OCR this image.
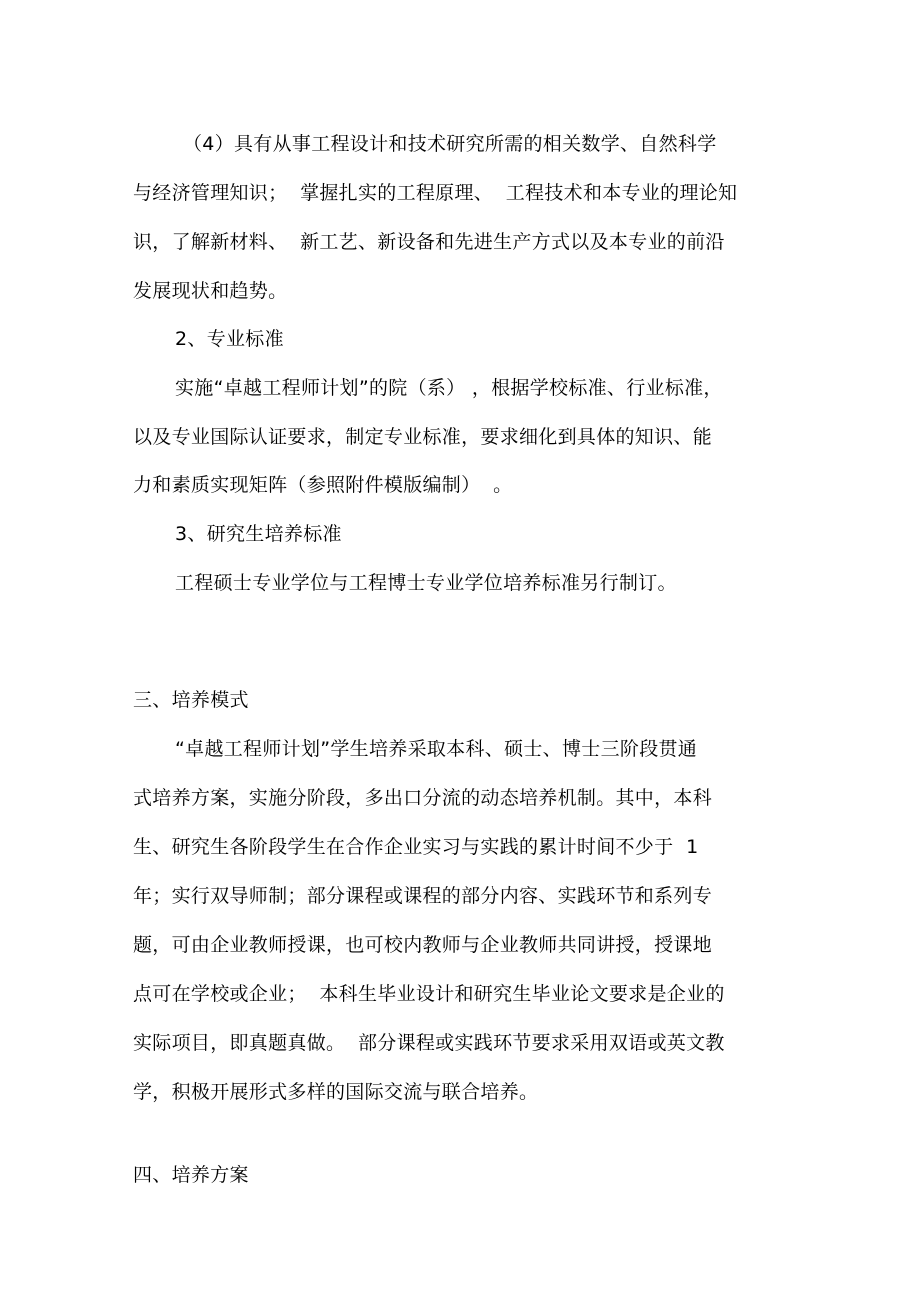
（4）具有从事工程设计和技术研究所需的相关数学、自然科学
与经济管理知识；  掌握扎实的工程原理、  工程技术和本专业的理论知
识，了解新材料、  新工艺、新设备和先进生产方式以及本专业的前沿
发展现状和趋势。
2、专业标准
实施“卓越工程师计划”的院（系） ，根据学校标准、行业标准，
以及专业国际认证要求，制定专业标准，要求细化到具体的知识、能
力和素质实现矩阵（参照附件模版编制）  。
3、研究生培养标准
工程硕士专业学位与工程博士专业学位培养标准另行制订。
三、培养模式
“卓越工程师计划”学生培养采取本科、硕士、博士三阶段贯通
式培养方案，实施分阶段，多出口分流的动态培养机制。其中，本科
生、研究生各阶段学生在合作企业实习与实践的累计时间不少于  1
年；实行双导师制；部分课程或课程的部分内容、实践环节和系列专
题，可由企业教师授课，也可校内教师与企业教师共同讲授，授课地
点可在学校或企业；  本科生毕业设计和研究生毕业论文要求是企业的
实际项目，即真题真做。  部分课程或实践环节要求采用双语或英文教
学，积极开展形式多样的国际交流与联合培养。
四、培养方案
